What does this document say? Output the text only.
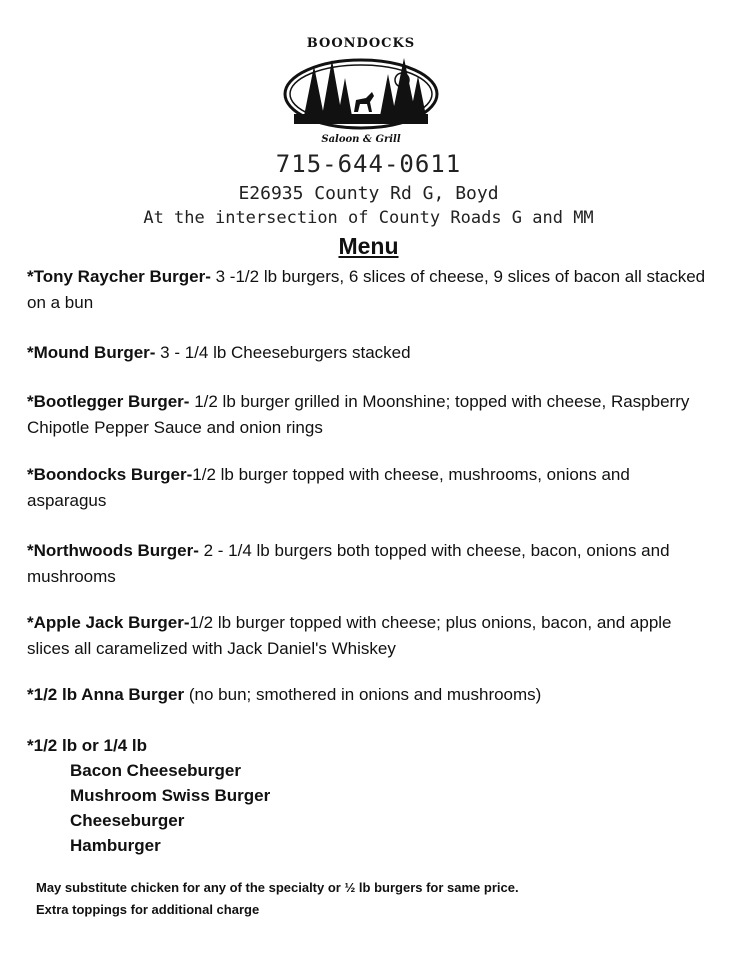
BOONDOCKS
Saloon & Grill
715-644-0611
E26935 County Rd G, Boyd
At the intersection of County Roads G and MM
Menu
*Tony Raycher Burger- 3 -1/2 lb burgers, 6 slices of cheese, 9 slices of bacon all stacked on a bun
*Mound Burger- 3 - 1/4 lb Cheeseburgers stacked
*Bootlegger Burger- 1/2 lb burger grilled in Moonshine; topped with cheese, Raspberry Chipotle Pepper Sauce and onion rings
*Boondocks Burger-1/2 lb burger topped with cheese, mushrooms, onions and asparagus
*Northwoods Burger- 2 - 1/4 lb burgers both topped with cheese, bacon, onions and mushrooms
*Apple Jack Burger-1/2 lb burger topped with cheese; plus onions, bacon, and apple slices all caramelized with Jack Daniel's Whiskey
*1/2 lb Anna Burger (no bun; smothered in onions and mushrooms)
*1/2 lb or 1/4 lb
Bacon Cheeseburger
Mushroom Swiss Burger
Cheeseburger
Hamburger
May substitute chicken for any of the specialty or ½ lb burgers for same price.
Extra toppings for additional charge
